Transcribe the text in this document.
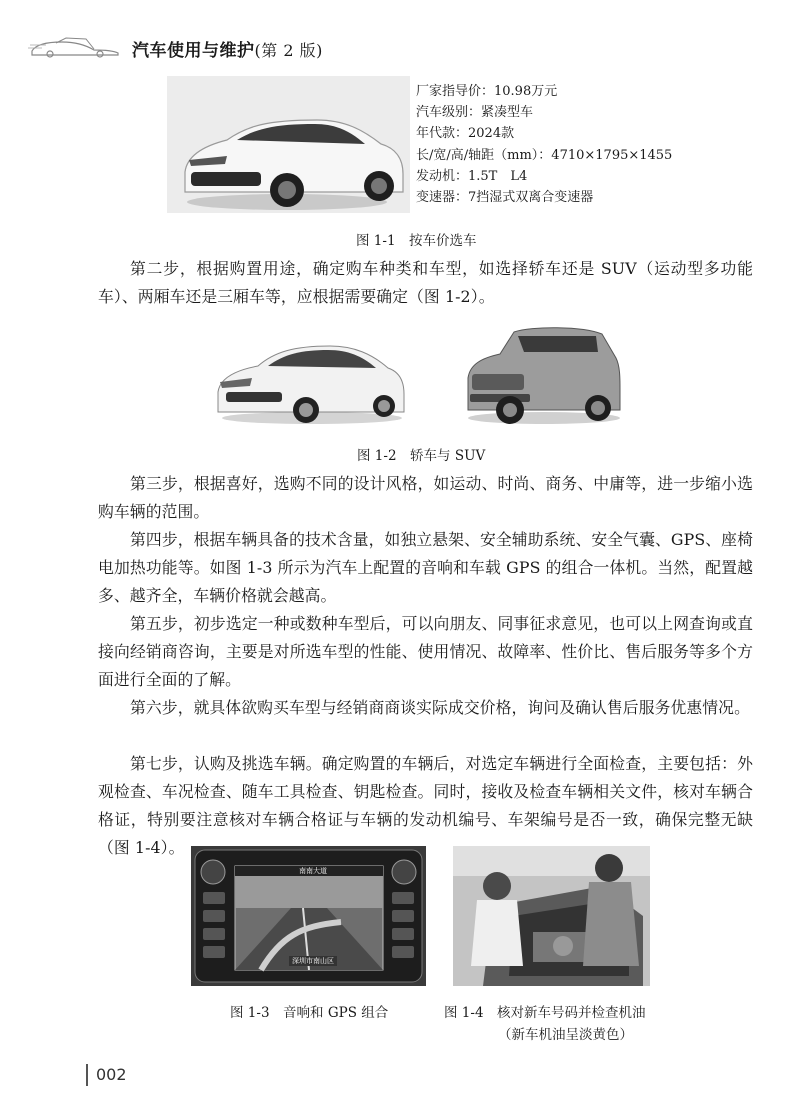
汽车使用与维护(第 2 版)
厂家指导价：10.98万元
汽车级别：紧凑型车
年代款：2024款
长/宽/高/轴距（mm）：4710×1795×1455
发动机：1.5T　L4
变速器：7挡湿式双离合变速器
图 1-1　按车价选车
第二步，根据购置用途，确定购车种类和车型，如选择轿车还是 SUV（运动型多功能车）、两厢车还是三厢车等，应根据需要确定（图 1-2）。
图 1-2　轿车与 SUV
第三步，根据喜好，选购不同的设计风格，如运动、时尚、商务、中庸等，进一步缩小选购车辆的范围。
第四步，根据车辆具备的技术含量，如独立悬架、安全辅助系统、安全气囊、GPS、座椅电加热功能等。如图 1-3 所示为汽车上配置的音响和车载 GPS 的组合一体机。当然，配置越多、越齐全，车辆价格就会越高。
第五步，初步选定一种或数种车型后，可以向朋友、同事征求意见，也可以上网查询或直接向经销商咨询，主要是对所选车型的性能、使用情况、故障率、性价比、售后服务等多个方面进行全面的了解。
第六步，就具体欲购买车型与经销商商谈实际成交价格，询问及确认售后服务优惠情况。
第七步，认购及挑选车辆。确定购置的车辆后，对选定车辆进行全面检查，主要包括：外观检查、车况检查、随车工具检查、钥匙检查。同时，接收及检查车辆相关文件，核对车辆合格证，特别要注意核对车辆合格证与车辆的发动机编号、车架编号是否一致，确保完整无缺（图 1-4）。
南南大道
深圳市南山区
图 1-3　音响和 GPS 组合	图 1-4　核对新车号码并检查机油
（新车机油呈淡黄色）
002
